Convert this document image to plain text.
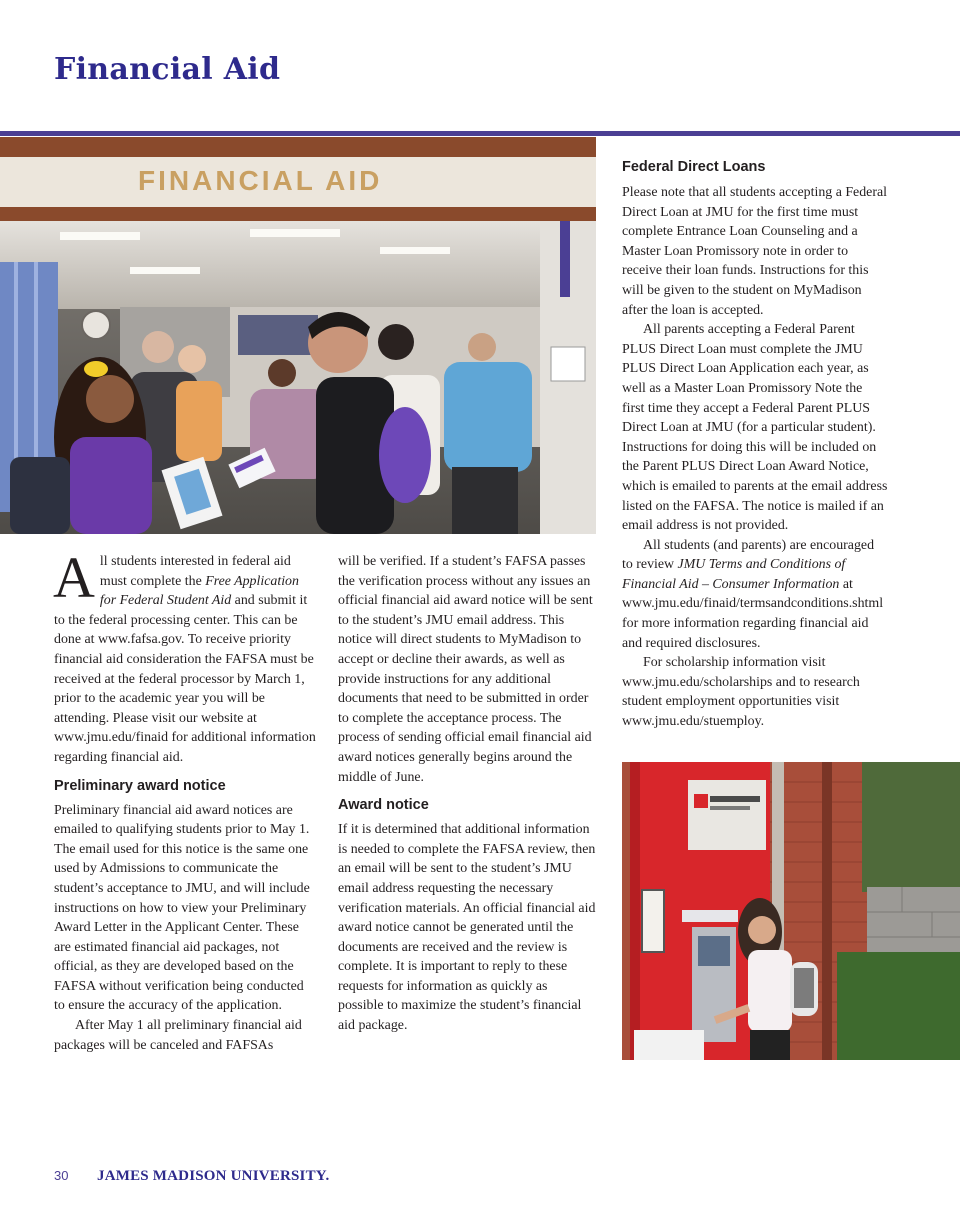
Financial Aid
FINANCIAL AID

All students interested in federal aid must complete the Free Application for Federal Student Aid and submit it to the federal processing center. This can be done at www.fafsa.gov. To receive priority financial aid consideration the FAFSA must be received at the federal processor by March 1, prior to the academic year you will be attending. Please visit our website at www.jmu.edu/finaid for additional information regarding financial aid.

Preliminary award notice

Preliminary financial aid award notices are emailed to qualifying students prior to May 1. The email used for this notice is the same one used by Admissions to communicate the student’s acceptance to JMU, and will include instructions on how to view your Preliminary Award Letter in the Applicant Center. These are estimated financial aid packages, not official, as they are developed based on the FAFSA without verification being conducted to ensure the accuracy of the application.

After May 1 all preliminary financial aid packages will be canceled and FAFSAs

will be verified. If a student’s FAFSA passes the verification process without any issues an official financial aid award notice will be sent to the student’s JMU email address. This notice will direct students to MyMadison to accept or decline their awards, as well as provide instructions for any additional documents that need to be submitted in order to complete the acceptance process. The process of sending official email financial aid award notices generally begins around the middle of June.

Award notice

If it is determined that additional information is needed to complete the FAFSA review, then an email will be sent to the student’s JMU email address requesting the necessary verification materials. An official financial aid award notice cannot be generated until the documents are received and the review is complete. It is important to reply to these requests for information as quickly as possible to maximize the student’s financial aid package.

Federal Direct Loans

Please note that all students accepting a Federal Direct Loan at JMU for the first time must complete Entrance Loan Counseling and a Master Loan Promissory note in order to receive their loan funds. Instructions for this will be given to the student on MyMadison after the loan is accepted.

All parents accepting a Federal Parent PLUS Direct Loan must complete the JMU PLUS Direct Loan Application each year, as well as a Master Loan Promissory Note the first time they accept a Federal Parent PLUS Direct Loan at JMU (for a particular student). Instructions for doing this will be included on the Parent PLUS Direct Loan Award Notice, which is emailed to parents at the email address listed on the FAFSA. The notice is mailed if an email address is not provided.

All students (and parents) are encouraged to review JMU Terms and Conditions of Financial Aid – Consumer Information at www.jmu.edu/finaid/termsandconditions.shtml for more information regarding financial aid and required disclosures.

For scholarship information visit www.jmu.edu/scholarships and to research student employment opportunities visit www.jmu.edu/stuemploy.

30	JAMES MADISON UNIVERSITY.
